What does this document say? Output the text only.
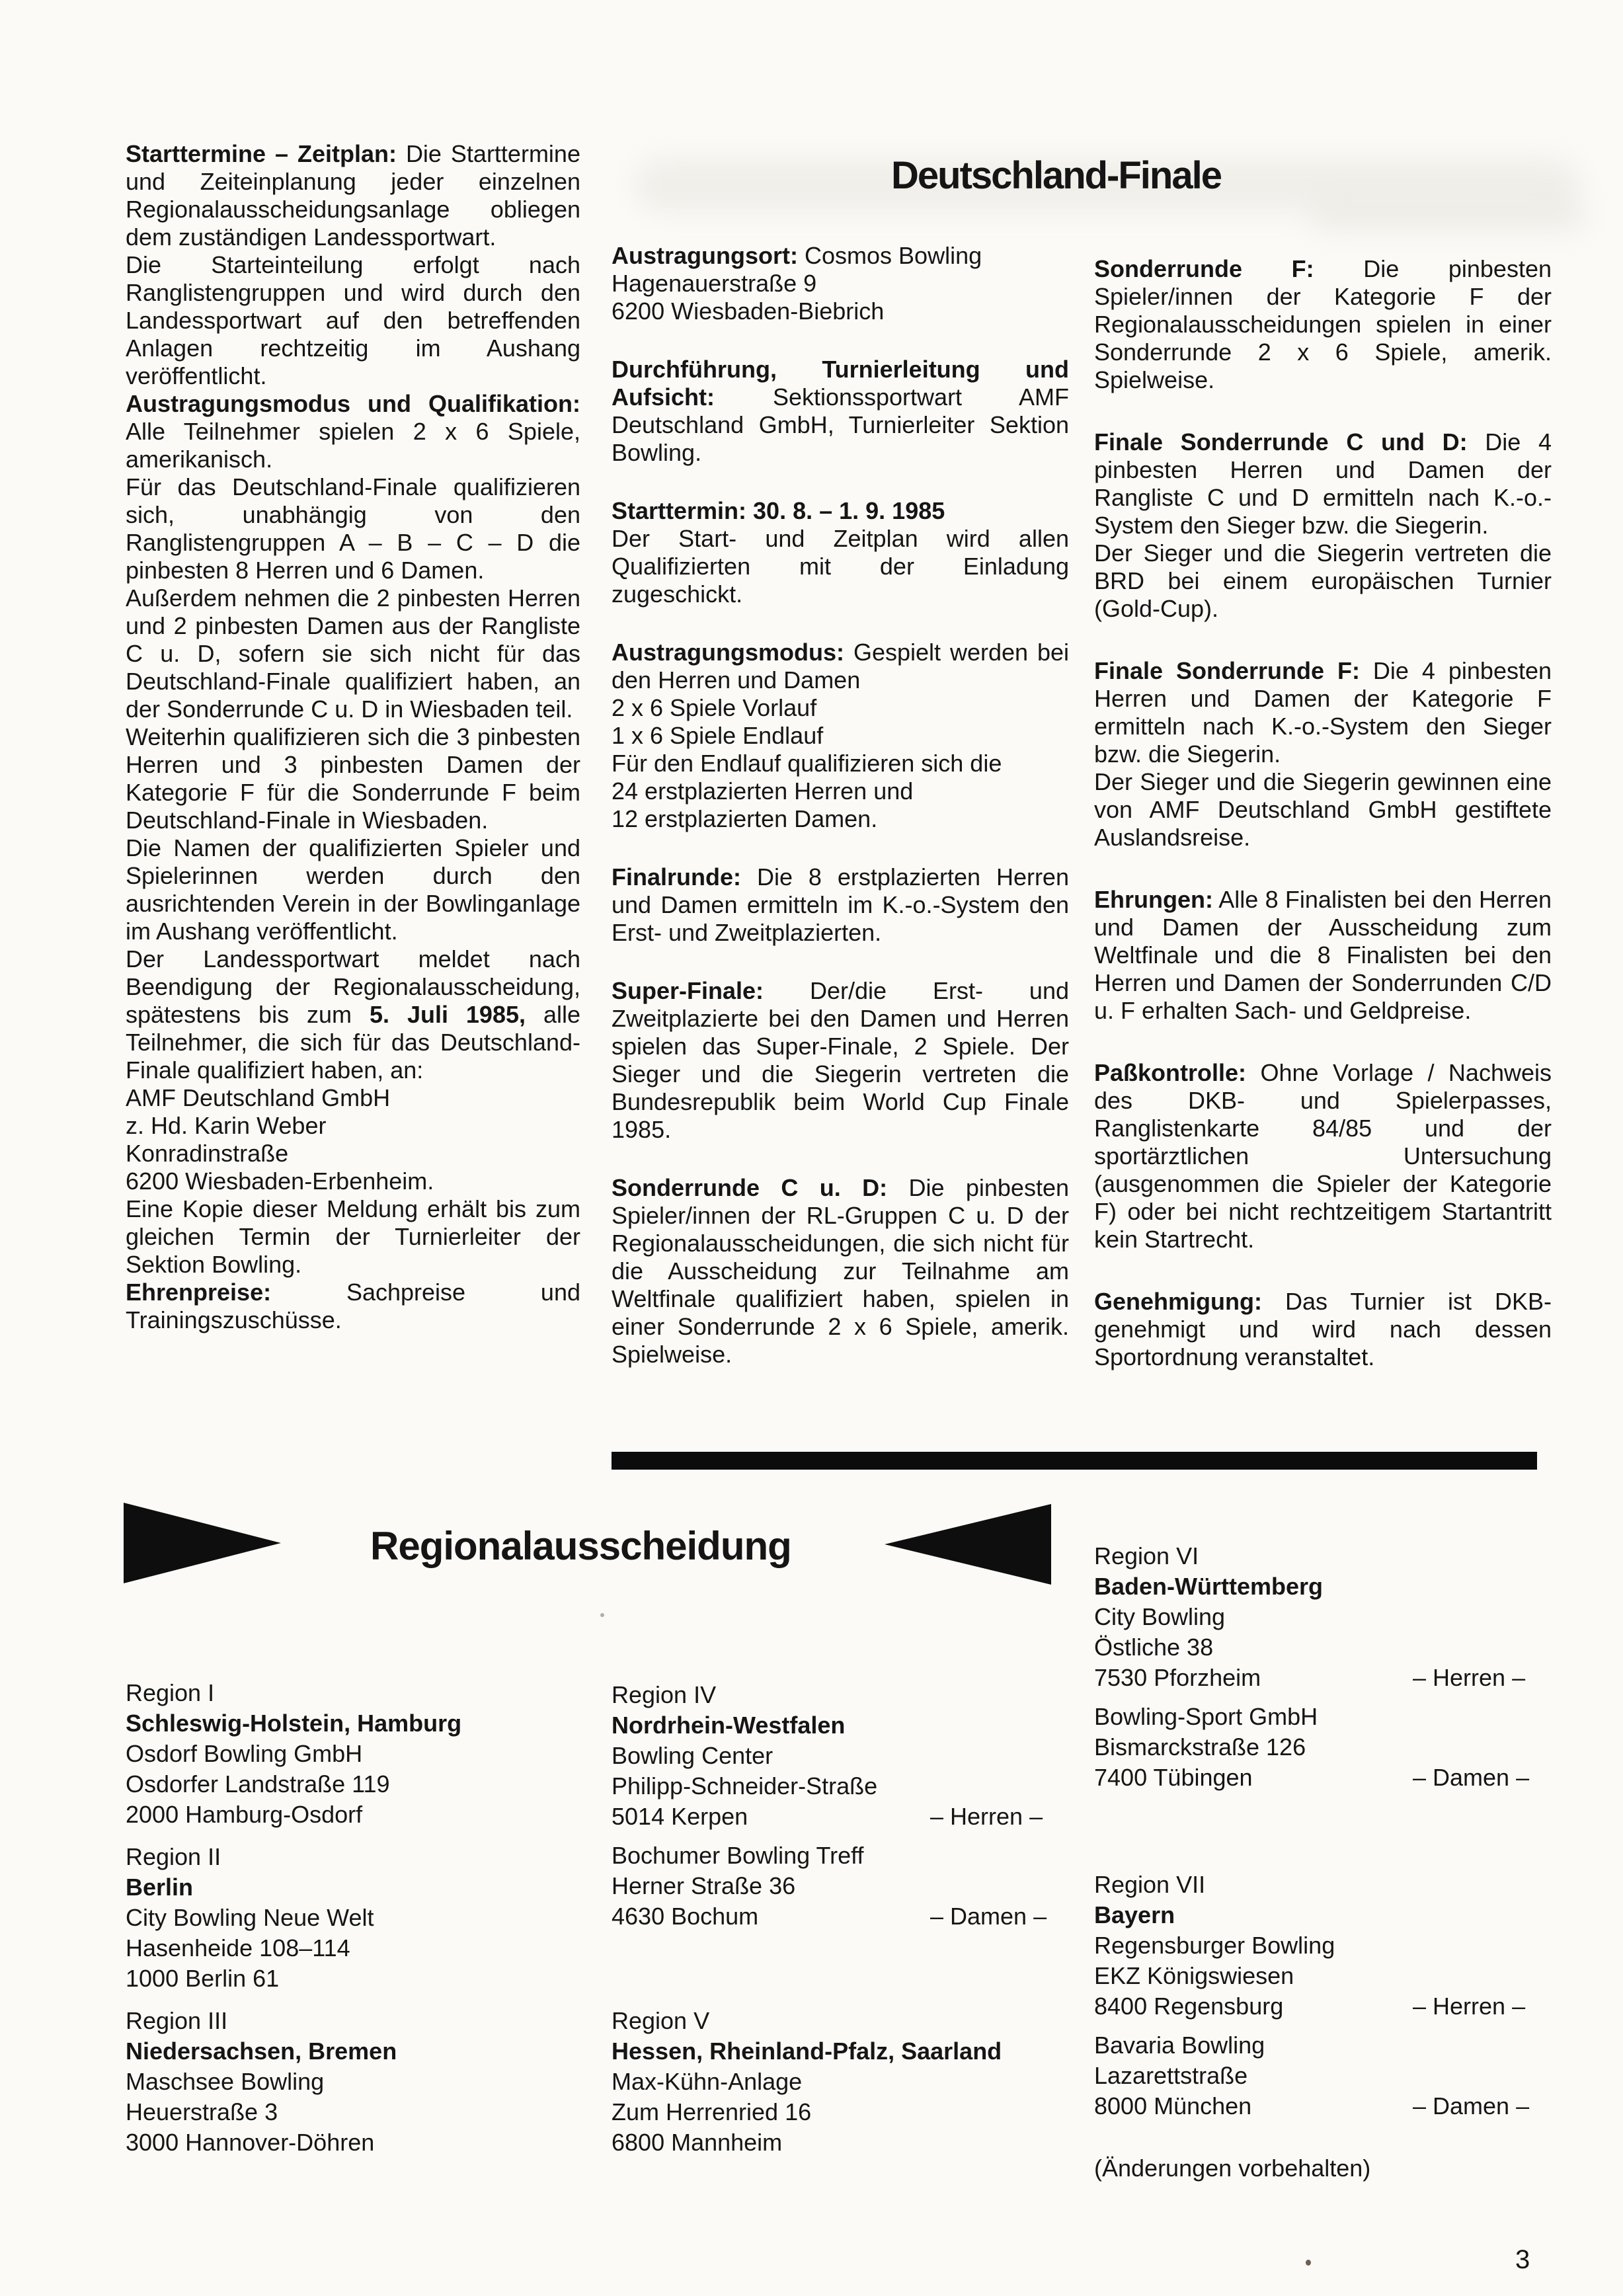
Deutschland-Finale

Starttermine – Zeitplan: Die Starttermine und Zeiteinplanung jeder einzelnen Regionalausscheidungsanlage obliegen dem zuständigen Landessportwart.

Die Starteinteilung erfolgt nach Ranglistengruppen und wird durch den Landessportwart auf den betreffenden Anlagen rechtzeitig im Aushang veröffentlicht.

Austragungsmodus und Qualifikation: Alle Teilnehmer spielen 2 x 6 Spiele, amerikanisch.

Für das Deutschland-Finale qualifizieren sich, unabhängig von den Ranglistengruppen A – B – C – D die pinbesten 8 Herren und 6 Damen.

Außerdem nehmen die 2 pinbesten Herren und 2 pinbesten Damen aus der Rangliste C u. D, sofern sie sich nicht für das Deutschland-Finale qualifiziert haben, an der Sonderrunde C u. D in Wiesbaden teil.

Weiterhin qualifizieren sich die 3 pinbesten Herren und 3 pinbesten Damen der Kategorie F für die Sonderrunde F beim Deutschland-Finale in Wiesbaden.

Die Namen der qualifizierten Spieler und Spielerinnen werden durch den ausrichtenden Verein in der Bowlinganlage im Aushang veröffentlicht.

Der Landessportwart meldet nach Beendigung der Regionalausscheidung, spätestens bis zum 5. Juli 1985, alle Teilnehmer, die sich für das Deutschland-Finale qualifiziert haben, an:

AMF Deutschland GmbH
z. Hd. Karin Weber
Konradinstraße
6200 Wiesbaden-Erbenheim.

Eine Kopie dieser Meldung erhält bis zum gleichen Termin der Turnierleiter der Sektion Bowling.

Ehrenpreise:	Sachpreise und Trainingszuschüsse.

Austragungsort: Cosmos Bowling
Hagenauerstraße 9
6200 Wiesbaden-Biebrich

Durchführung, Turnierleitung und Aufsicht: Sektionssportwart AMF Deutschland GmbH, Turnierleiter Sektion Bowling.

Starttermin: 30. 8. – 1. 9. 1985

Der Start- und Zeitplan wird allen Qualifizierten mit der Einladung zugeschickt.

Austragungsmodus: Gespielt werden bei den Herren und Damen

2 x 6 Spiele Vorlauf
1 x 6 Spiele Endlauf
Für den Endlauf qualifizieren sich die
24 erstplazierten Herren und
12 erstplazierten Damen.

Finalrunde: Die 8 erstplazierten Herren und Damen ermitteln im K.-o.-System den Erst- und Zweitplazierten.

Super-Finale: Der/die Erst- und Zweitplazierte bei den Damen und Herren spielen das Super-Finale, 2 Spiele. Der Sieger und die Siegerin vertreten die Bundesrepublik beim World Cup Finale 1985.

Sonderrunde C u. D: Die pinbesten Spieler/innen der RL-Gruppen C u. D der Regionalausscheidungen, die sich nicht für die Ausscheidung zur Teilnahme am Weltfinale qualifiziert haben, spielen in einer Sonderrunde 2 x 6 Spiele, amerik. Spielweise.

Sonderrunde F: Die pinbesten Spieler/innen der Kategorie F der Regionalausscheidungen spielen in einer Sonderrunde 2 x 6 Spiele, amerik. Spielweise.

Finale Sonderrunde C und D: Die 4 pinbesten Herren und Damen der Rangliste C und D ermitteln nach K.-o.-System den Sieger bzw. die Siegerin.

Der Sieger und die Siegerin vertreten die BRD bei einem europäischen Turnier (Gold-Cup).

Finale Sonderrunde F: Die 4 pinbesten Herren und Damen der Kategorie F ermitteln nach K.-o.-System den Sieger bzw. die Siegerin.

Der Sieger und die Siegerin gewinnen eine von AMF Deutschland GmbH gestiftete Auslandsreise.

Ehrungen: Alle 8 Finalisten bei den Herren und Damen der Ausscheidung zum Weltfinale und die 8 Finalisten bei den Herren und Damen der Sonderrunden C/D u. F erhalten Sach- und Geldpreise.

Paßkontrolle: Ohne Vorlage / Nachweis des DKB- und Spielerpasses, Ranglistenkarte 84/85 und der sportärztlichen Untersuchung (ausgenommen die Spieler der Kategorie F) oder bei nicht rechtzeitigem Startantritt kein Startrecht.

Genehmigung: Das Turnier ist DKB-genehmigt und wird nach dessen Sportordnung veranstaltet.

Regionalausscheidung
Region I
Schleswig-Holstein, Hamburg
Osdorf Bowling GmbH
Osdorfer Landstraße 119
2000 Hamburg-Osdorf
Region II
Berlin
City Bowling Neue Welt
Hasenheide 108–114
1000 Berlin 61
Region III
Niedersachsen, Bremen
Maschsee Bowling
Heuerstraße 3
3000 Hannover-Döhren
Region IV
Nordrhein-Westfalen
Bowling Center
Philipp-Schneider-Straße
5014 Kerpen	– Herren –
Bochumer Bowling Treff
Herner Straße 36
4630 Bochum	– Damen –
Region V
Hessen, Rheinland-Pfalz, Saarland
Max-Kühn-Anlage
Zum Herrenried 16
6800 Mannheim
Region VI
Baden-Württemberg
City Bowling
Östliche 38
7530 Pforzheim	– Herren –
Bowling-Sport GmbH
Bismarckstraße 126
7400 Tübingen	– Damen –
Region VII
Bayern
Regensburger Bowling
EKZ Königswiesen
8400 Regensburg	– Herren –
Bavaria Bowling
Lazarettstraße
8000 München	– Damen –
(Änderungen vorbehalten)
3
